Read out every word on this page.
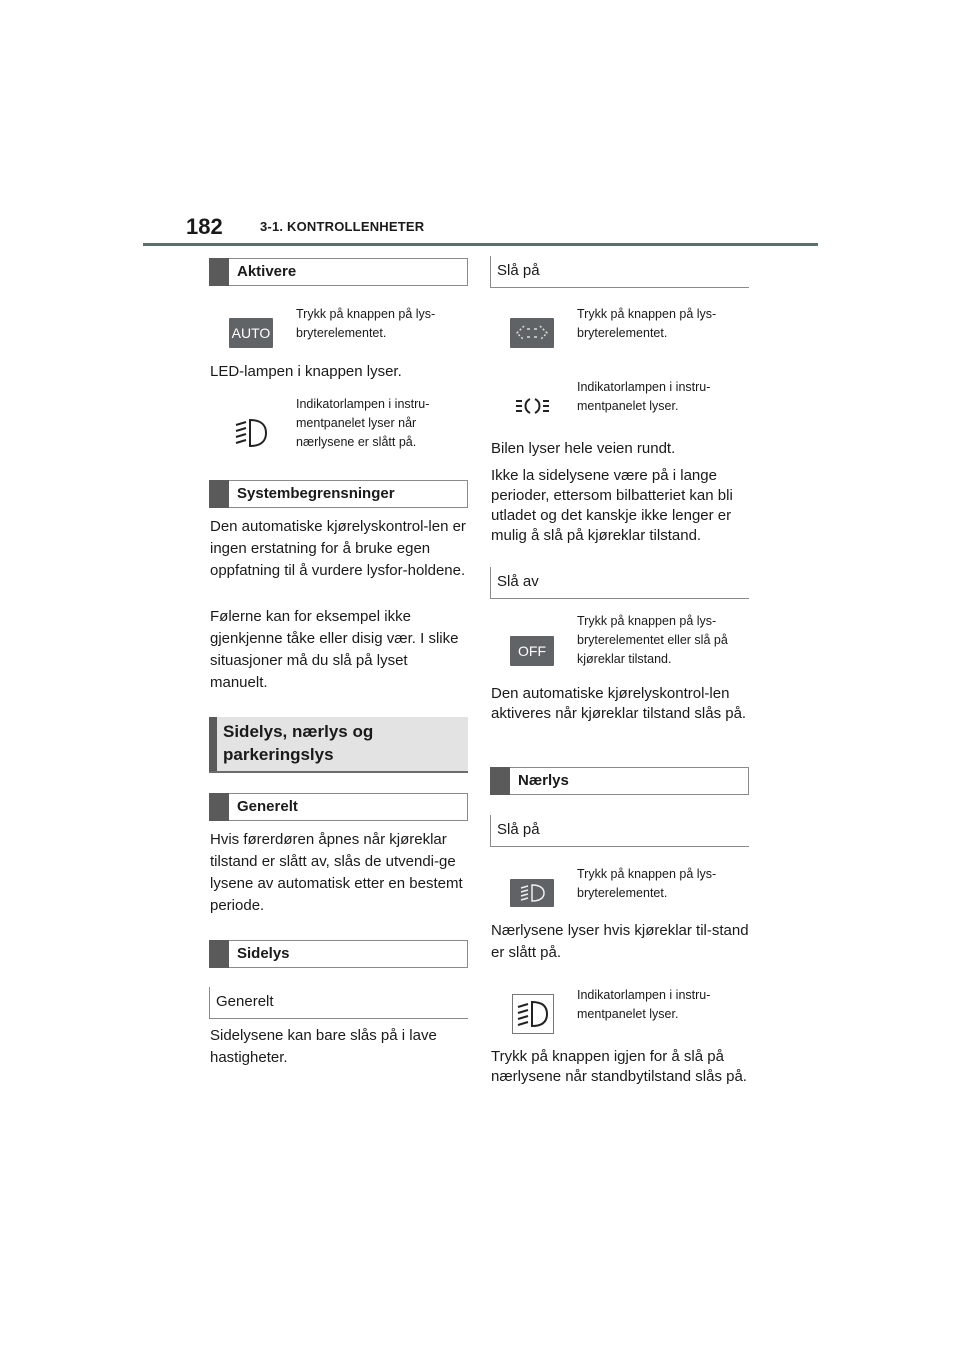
182	3-1. KONTROLLENHETER
Aktivere
AUTO
Trykk på knappen på lys-bryterelementet.
LED-lampen i knappen lyser.
Indikatorlampen i instru-mentpanelet lyser når nærlysene er slått på.
Systembegrensninger
Den automatiske kjørelyskontrol-len er ingen erstatning for å bruke egen oppfatning til å vurdere lysfor-holdene.
Følerne kan for eksempel ikke gjenkjenne tåke eller disig vær. I slike situasjoner må du slå på lyset manuelt.
Sidelys, nærlys og parkeringslys
Generelt
Hvis førerdøren åpnes når kjøreklar tilstand er slått av, slås de utvendi-ge lysene av automatisk etter en bestemt periode.
Sidelys
Generelt
Sidelysene kan bare slås på i lave hastigheter.
Slå på
Trykk på knappen på lys-bryterelementet.
Indikatorlampen i instru-mentpanelet lyser.
Bilen lyser hele veien rundt.
Ikke la sidelysene være på i lange perioder, ettersom bilbatteriet kan bli utladet og det kanskje ikke lenger er mulig å slå på kjøreklar tilstand.
Slå av
OFF
Trykk på knappen på lys-bryterelementet eller slå på kjøreklar tilstand.
Den automatiske kjørelyskontrol-len aktiveres når kjøreklar tilstand slås på.
Nærlys
Slå på
Trykk på knappen på lys-bryterelementet.
Nærlysene lyser hvis kjøreklar til-stand er slått på.
Indikatorlampen i instru-mentpanelet lyser.
Trykk på knappen igjen for å slå på nærlysene når standbytilstand slås på.
